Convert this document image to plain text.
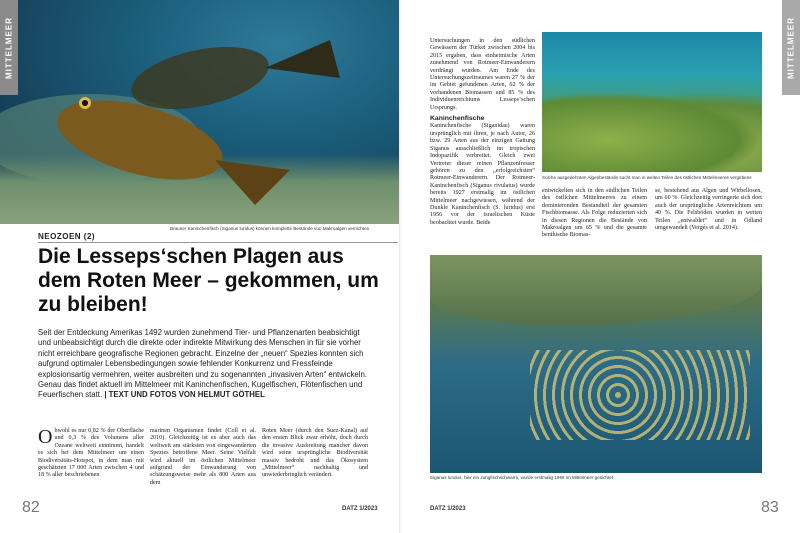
MITTELMEER
Brauner Kaninchenfisch (Siganus luridus) können komplette Bestände von Makroalgen vernichten
NEOZOEN (2)
Die Lesseps‘schen Plagen aus dem Roten Meer – gekommen, um zu bleiben!
Seit der Entdeckung Amerikas 1492 wurden zunehmend Tier- und Pflanzenarten beabsichtigt und unbeabsichtigt durch die direkte oder indirekte Mitwirkung des Menschen in für sie vorher nicht erreichbare geografische Regionen gebracht. Einzelne der „neuen“ Spezies konnten sich aufgrund optimaler Lebensbedingungen sowie fehlender Konkurrenz und Fressfeinde explosionsartig vermehren, weiter ausbreiten und zu sogenannten „invasiven Arten“ entwickeln. Genau das findet aktuell im Mittelmeer mit Kaninchenfischen, Kugelfischen, Flötenfischen und Feuerfischen statt. | TEXT UND FOTOS VON HELMUT GÖTHEL
O bwohl es nur 0,82 % der Oberfläche und 0,3 % des Volumens aller Ozeane weltweit einnimmt, handelt es sich bei dem Mittelmeer um einen Biodiversitäts-Hotspot, in dem man mit geschätzten 17 000 Arten zwischen 4 und 18 % aller beschriebenen
marinen Organismen findet (Coll et al. 2010). Gleichzeitig ist es aber auch das weltweit am stärksten von eingewanderten Spezies betroffene Meer. Seine Vielfalt wird aktuell im östlichen Mittelmeer aufgrund der Einwanderung von schätzungsweise mehr als 800 Arten aus dem
Roten Meer (durch den Suez-Kanal) auf den ersten Blick zwar erhöht, doch durch die invasive Ausbreitung mancher davon wird seine ursprüngliche Biodiversität massiv bedroht und das Ökosystem „Mittelmeer“ nachhaltig und unwiederbringlich verändert.
82	DATZ 1/2023
MITTELMEER
Untersuchungen in den südlichen Gewässern der Türkei zwischen 2004 bis 2015 ergaben, dass einheimische Arten zunehmend von Rotmeer-Einwanderern verdrängt wurden. Am Ende des Untersuchungszeitraumes waren 27 % der im Gebiet gefundenen Arten, 62 % der vorhandenen Biomassen und 85 % des Individuenreichtums Lesseps‘schen Ursprungs.
Kaninchenfische
Kaninchenfische (Siganidae) waren ursprünglich mit ihren, je nach Autor, 26 bzw. 29 Arten aus der einzigen Gattung Siganus ausschließlich im tropischen Indopazifik verbreitet. Gleich zwei Vertreter dieser reinen Pflanzenfresser gehören zu den „erfolgreichsten“ Rotmeer-Einwanderern. Der Rotmeer-Kaninchenfisch (Siganus rivulatus) wurde bereits 1927 erstmalig im östlichen Mittelmeer nachgewiesen, während der Dunkle Kaninchenfisch (S. luridus) erst 1956 vor der israelischen Küste beobachtet wurde. Beide
Solche ausgedehnten Algenbestände sucht man in weiten Teilen des östlichen Mittelmeeres vergebens
entwickelten sich in den südlichen Teilen des östlichen Mittelmeeres zu einem dominierenden Bestandteil der gesamten Fischbiomasse. Als Folge reduzierten sich in diesen Regionen die Bestände von Makroalgen um 65 % und die gesamte benthische Biomas-
se, bestehend aus Algen und Wirbellosen, um 60 %. Gleichzeitig verringerte sich dort auch der ursprüngliche Artenreichtum um 40 %. Die Felsböden wurden in weiten Teilen „entwaldet“ und in Ödland umgewandelt (Vergés et al. 2014).
Siganus luridus, hier ein Jungfischschwarm, wurde erstmalig 1956 im Mittelmeer gesichtet
DATZ 1/2023	83
